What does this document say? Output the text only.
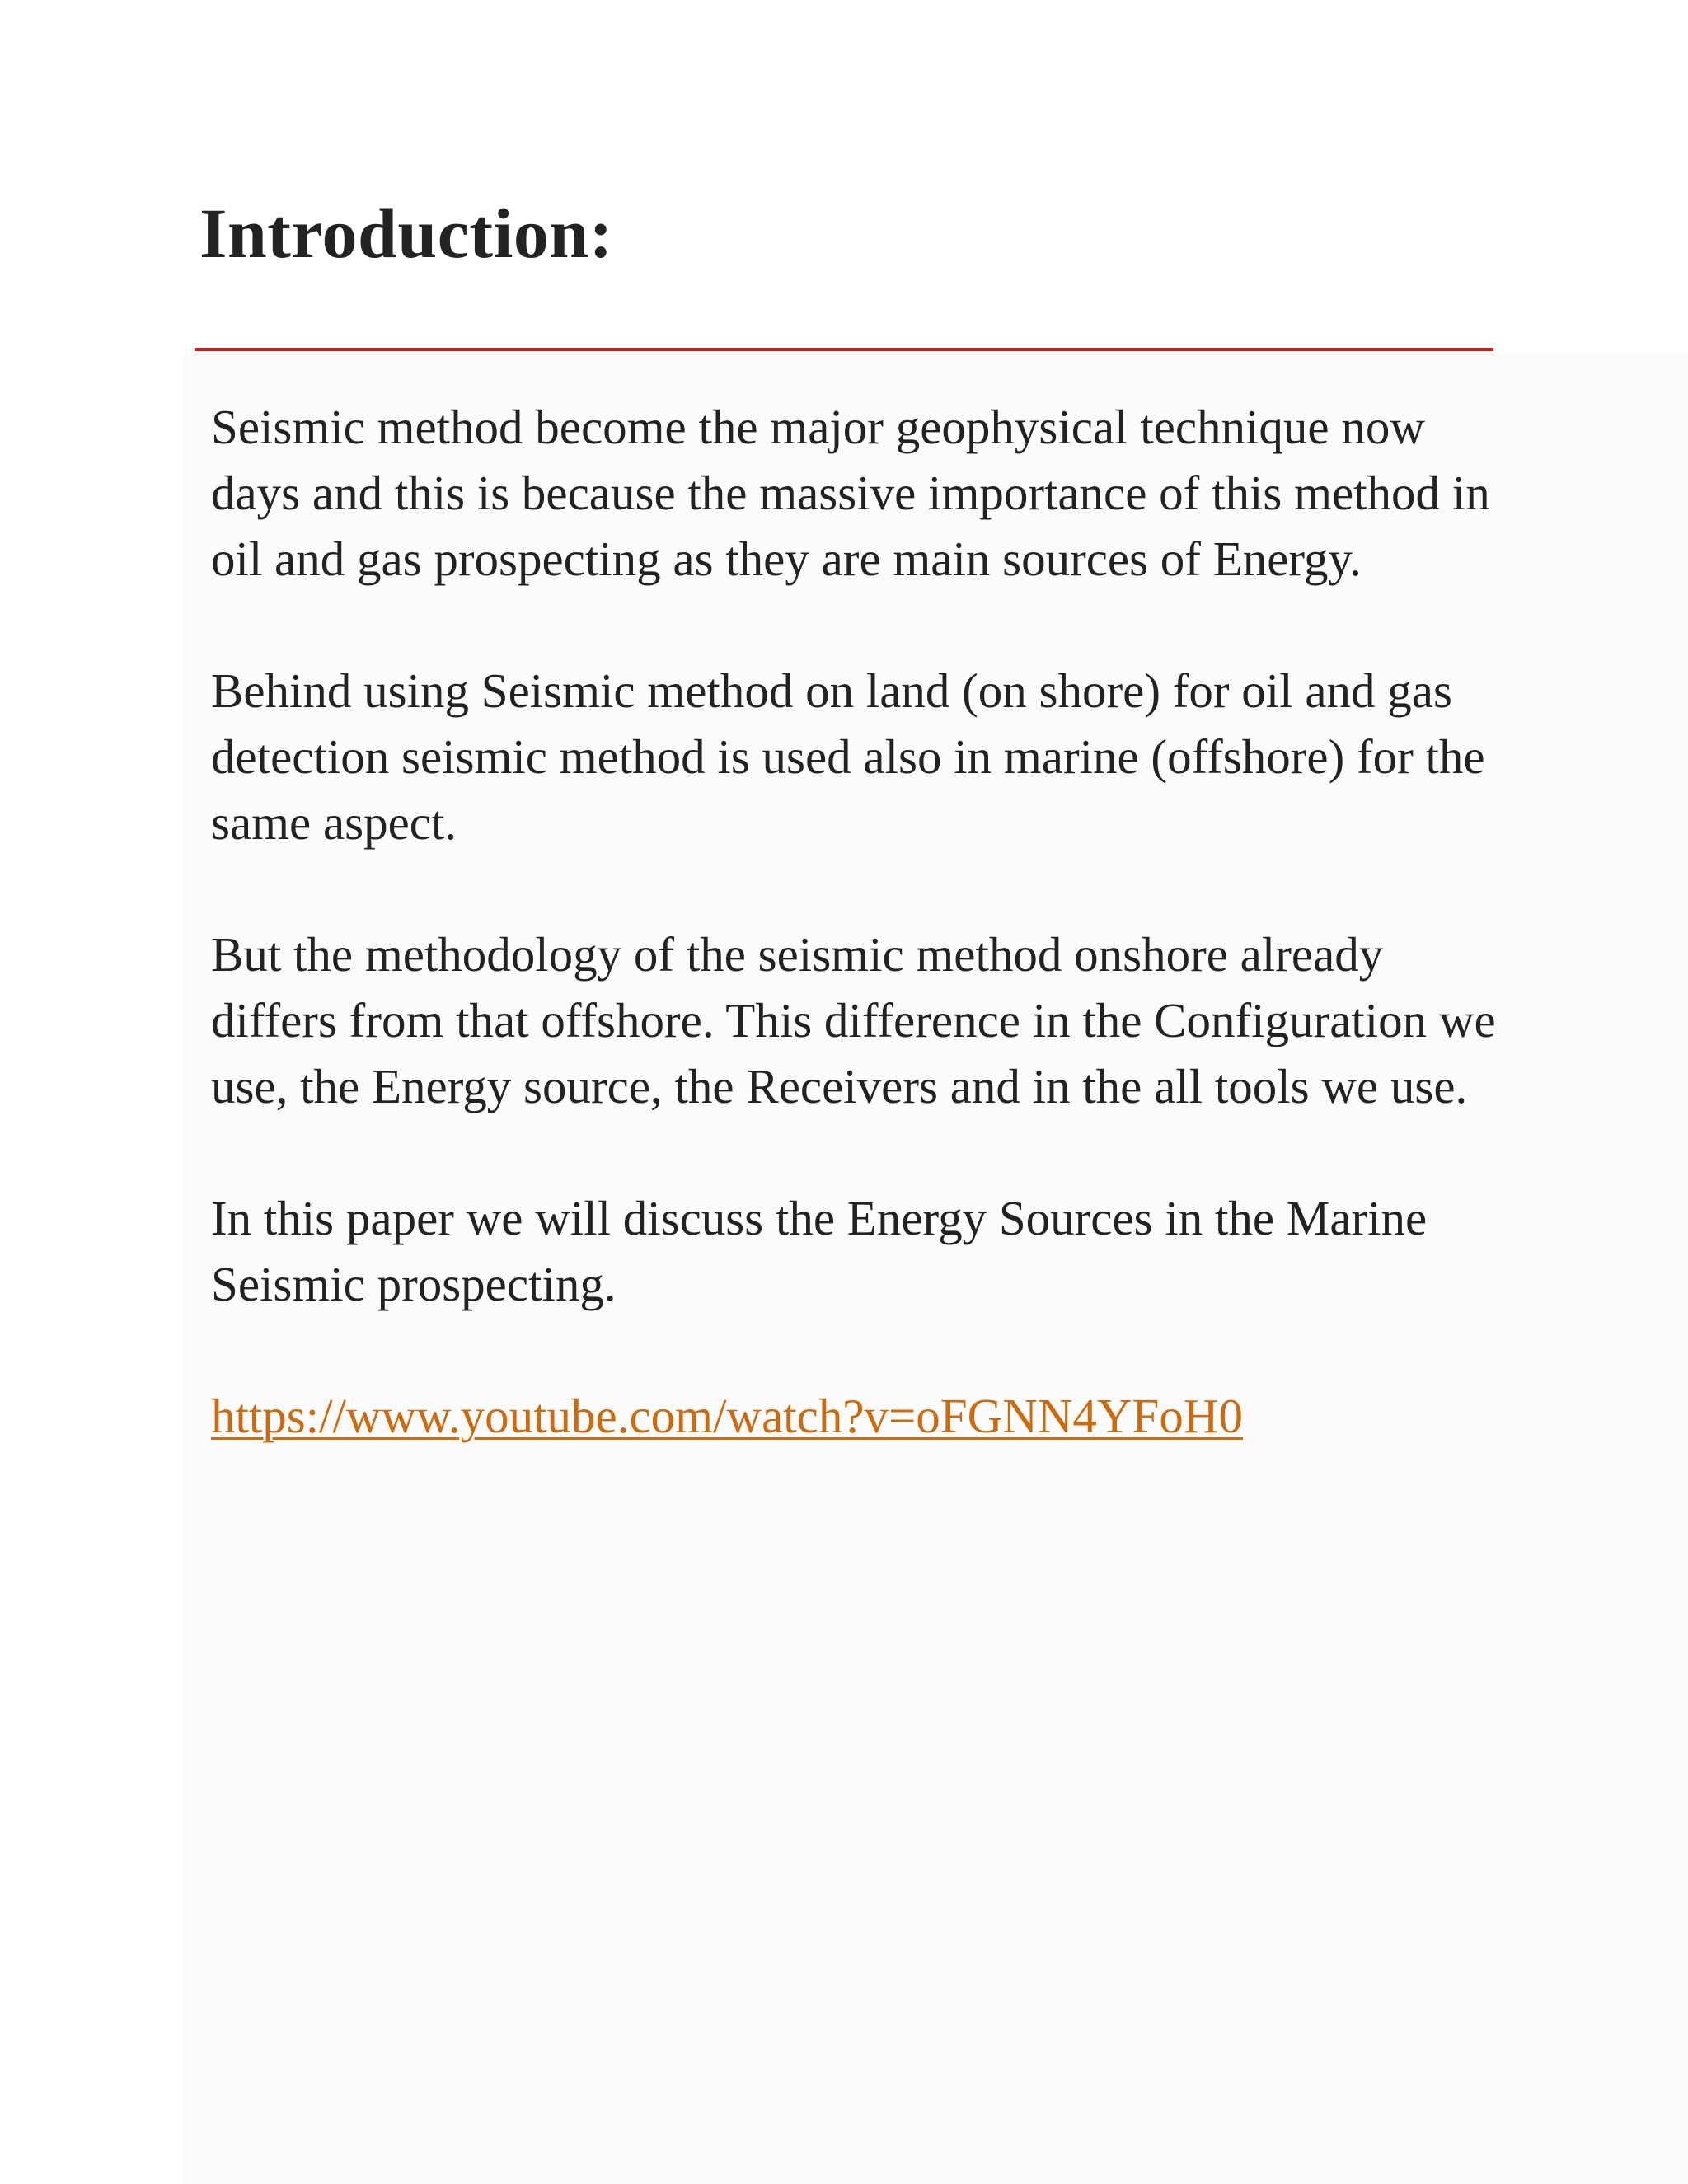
Introduction:

Seismic method become the major geophysical technique now days and this is because the massive importance of this method in oil and gas prospecting as they are main sources of Energy.

Behind using Seismic method on land (on shore) for oil and gas detection seismic method is used also in marine (offshore) for the same aspect.

But the methodology of the seismic method onshore already differs from that offshore. This difference in the Configuration we use, the Energy source, the Receivers and in the all tools we use.

In this paper we will discuss the Energy Sources in the Marine Seismic prospecting.

https://www.youtube.com/watch?v=oFGNN4YFoH0
